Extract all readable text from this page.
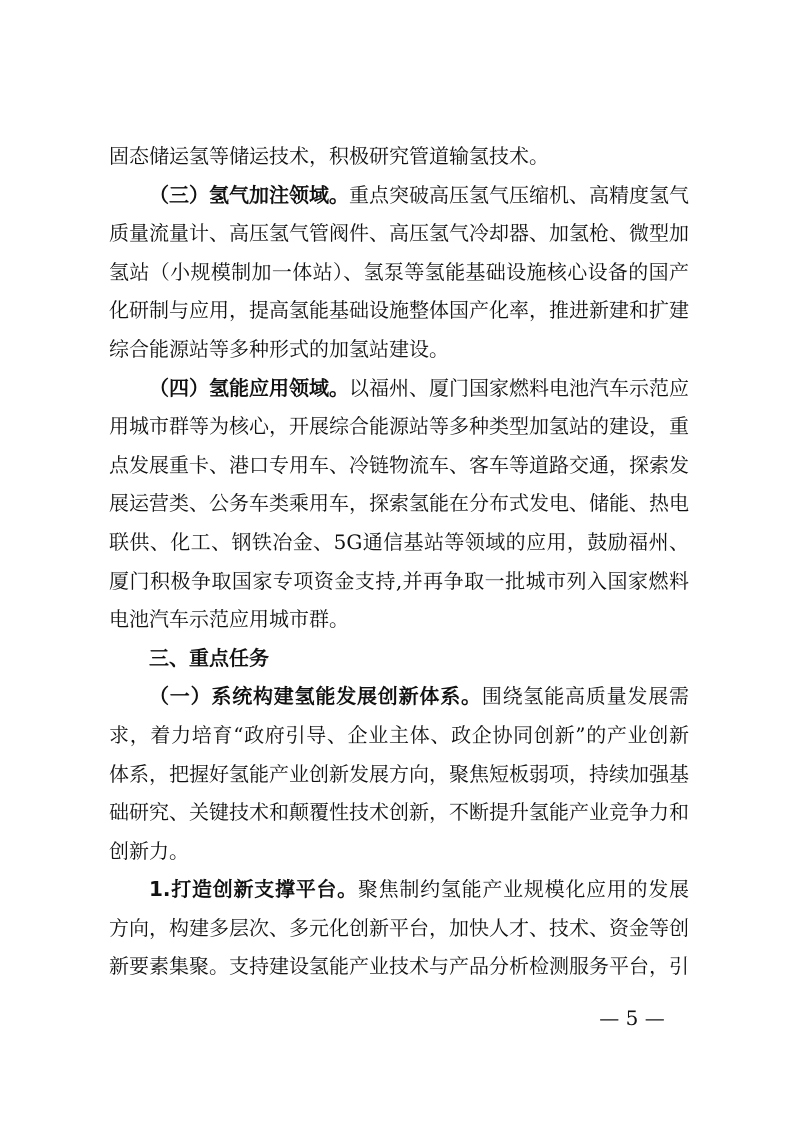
固态储运氢等储运技术，积极研究管道输氢技术。

（三）氢气加注领域。重点突破高压氢气压缩机、高精度氢气质量流量计、高压氢气管阀件、高压氢气冷却器、加氢枪、微型加氢站（小规模制加一体站）、氢泵等氢能基础设施核心设备的国产化研制与应用，提高氢能基础设施整体国产化率，推进新建和扩建综合能源站等多种形式的加氢站建设。

（四）氢能应用领域。以福州、厦门国家燃料电池汽车示范应用城市群等为核心，开展综合能源站等多种类型加氢站的建设，重点发展重卡、港口专用车、冷链物流车、客车等道路交通，探索发展运营类、公务车类乘用车，探索氢能在分布式发电、储能、热电联供、化工、钢铁冶金、5G通信基站等领域的应用，鼓励福州、厦门积极争取国家专项资金支持,并再争取一批城市列入国家燃料电池汽车示范应用城市群。

三、重点任务

（一）系统构建氢能发展创新体系。围绕氢能高质量发展需求，着力培育“政府引导、企业主体、政企协同创新”的产业创新体系，把握好氢能产业创新发展方向，聚焦短板弱项，持续加强基础研究、关键技术和颠覆性技术创新，不断提升氢能产业竞争力和创新力。

1.打造创新支撑平台。聚焦制约氢能产业规模化应用的发展方向，构建多层次、多元化创新平台，加快人才、技术、资金等创新要素集聚。支持建设氢能产业技术与产品分析检测服务平台，引

— 5 —
